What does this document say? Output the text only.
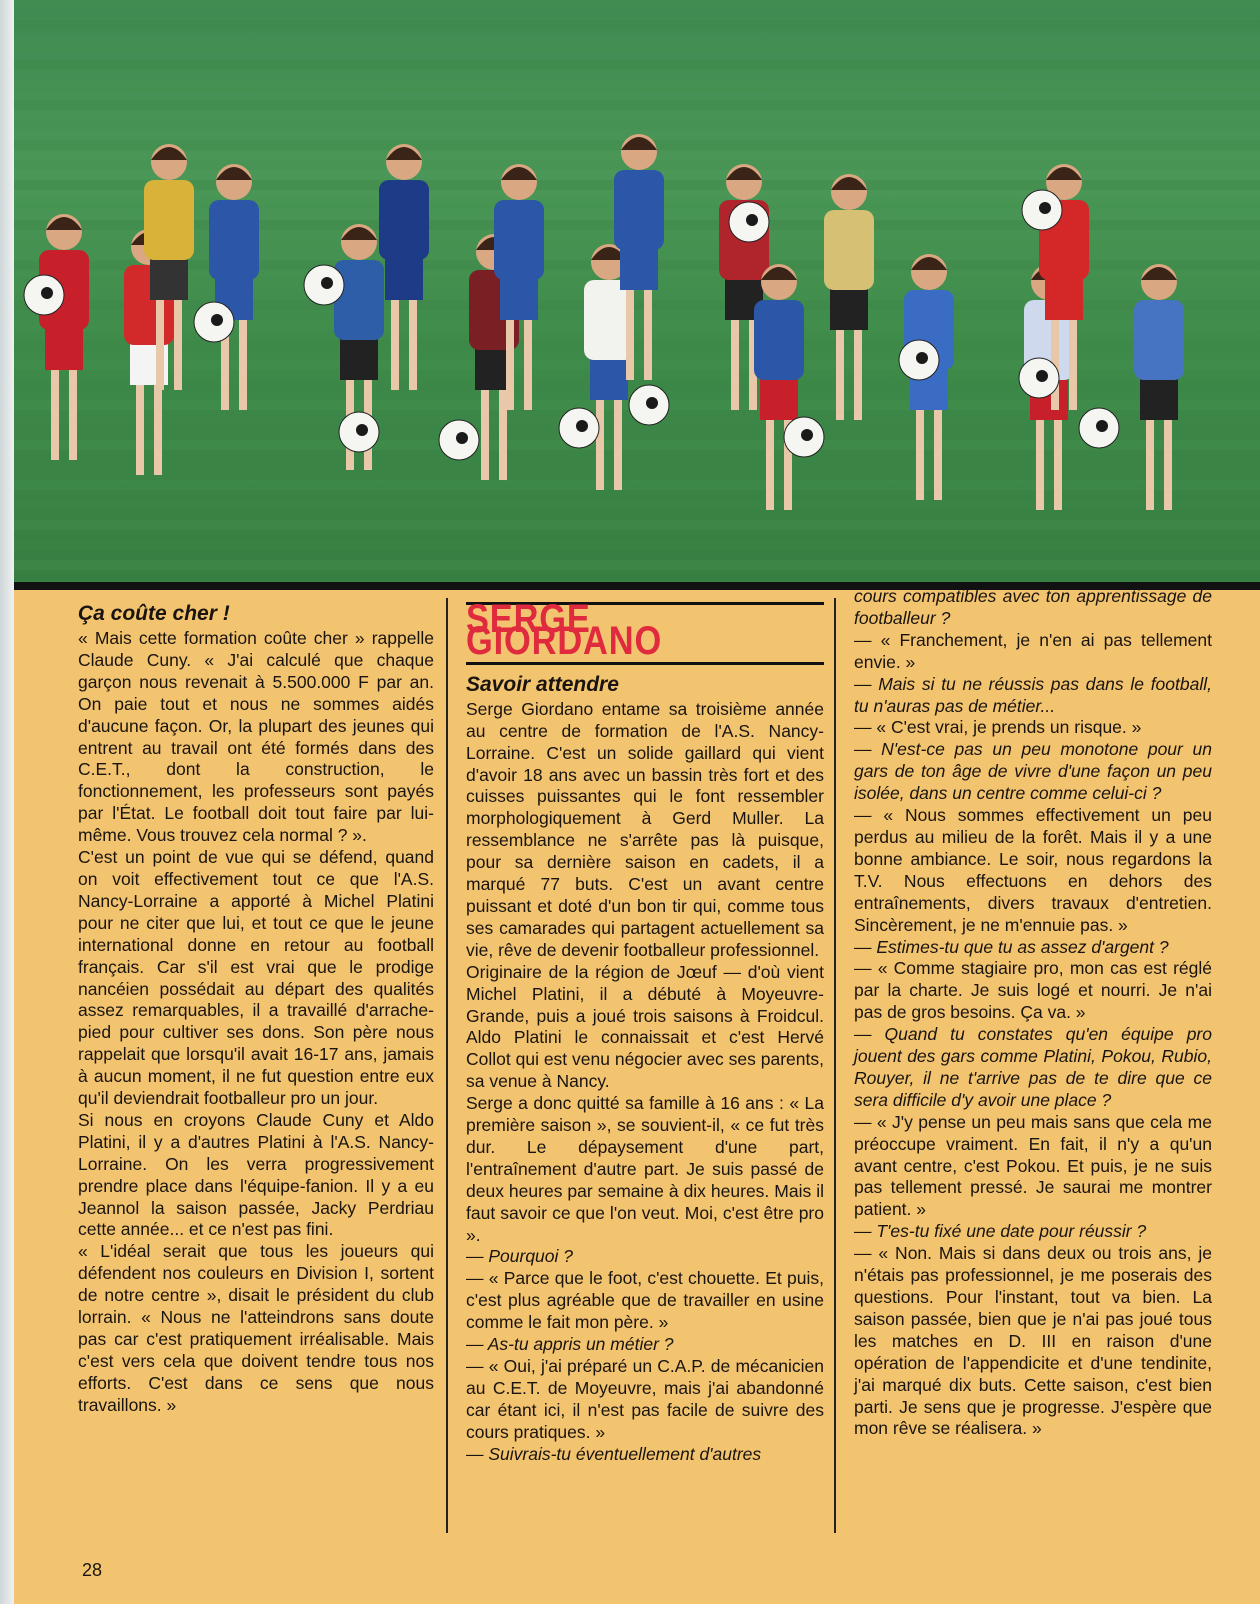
Ça coûte cher !

« Mais cette formation coûte cher » rappelle Claude Cuny. « J'ai calculé que chaque garçon nous revenait à 5.500.000 F par an. On paie tout et nous ne sommes aidés d'aucune façon. Or, la plupart des jeunes qui entrent au travail ont été formés dans des C.E.T., dont la construction, le fonctionnement, les professeurs sont payés par l'État. Le football doit tout faire par lui-même. Vous trouvez cela normal ? ».

C'est un point de vue qui se défend, quand on voit effectivement tout ce que l'A.S. Nancy-Lorraine a apporté à Michel Platini pour ne citer que lui, et tout ce que le jeune international donne en retour au football français. Car s'il est vrai que le prodige nancéien possédait au départ des qualités assez remarquables, il a travaillé d'arrache-pied pour cultiver ses dons. Son père nous rappelait que lorsqu'il avait 16-17 ans, jamais à aucun moment, il ne fut question entre eux qu'il deviendrait footballeur pro un jour.

Si nous en croyons Claude Cuny et Aldo Platini, il y a d'autres Platini à l'A.S. Nancy-Lorraine. On les verra progressivement prendre place dans l'équipe-fanion. Il y a eu Jeannol la saison passée, Jacky Perdriau cette année... et ce n'est pas fini.

« L'idéal serait que tous les joueurs qui défendent nos couleurs en Division I, sortent de notre centre », disait le président du club lorrain. « Nous ne l'atteindrons sans doute pas car c'est pratiquement irréalisable. Mais c'est vers cela que doivent tendre tous nos efforts. C'est dans ce sens que nous travaillons. »

SERGE GIORDANO

Savoir attendre

Serge Giordano entame sa troisième année au centre de formation de l'A.S. Nancy-Lorraine. C'est un solide gaillard qui vient d'avoir 18 ans avec un bassin très fort et des cuisses puissantes qui le font ressembler morphologiquement à Gerd Muller. La ressemblance ne s'arrête pas là puisque, pour sa dernière saison en cadets, il a marqué 77 buts. C'est un avant centre puissant et doté d'un bon tir qui, comme tous ses camarades qui partagent actuellement sa vie, rêve de devenir footballeur professionnel.

Originaire de la région de Jœuf — d'où vient Michel Platini, il a débuté à Moyeuvre-Grande, puis a joué trois saisons à Froidcul. Aldo Platini le connaissait et c'est Hervé Collot qui est venu négocier avec ses parents, sa venue à Nancy.

Serge a donc quitté sa famille à 16 ans : « La première saison », se souvient-il, « ce fut très dur. Le dépaysement d'une part, l'entraînement d'autre part. Je suis passé de deux heures par semaine à dix heures. Mais il faut savoir ce que l'on veut. Moi, c'est être pro ».

— Pourquoi ?

— « Parce que le foot, c'est chouette. Et puis, c'est plus agréable que de travailler en usine comme le fait mon père. »

— As-tu appris un métier ?

— « Oui, j'ai préparé un C.A.P. de mécanicien au C.E.T. de Moyeuvre, mais j'ai abandonné car étant ici, il n'est pas facile de suivre des cours pratiques. »

— Suivrais-tu éventuellement d'autres

cours compatibles avec ton apprentissage de footballeur ?

— « Franchement, je n'en ai pas tellement envie. »

— Mais si tu ne réussis pas dans le football, tu n'auras pas de métier...

— « C'est vrai, je prends un risque. »

— N'est-ce pas un peu monotone pour un gars de ton âge de vivre d'une façon un peu isolée, dans un centre comme celui-ci ?

— « Nous sommes effectivement un peu perdus au milieu de la forêt. Mais il y a une bonne ambiance. Le soir, nous regardons la T.V. Nous effectuons en dehors des entraînements, divers travaux d'entretien. Sincèrement, je ne m'ennuie pas. »

— Estimes-tu que tu as assez d'argent ?

— « Comme stagiaire pro, mon cas est réglé par la charte. Je suis logé et nourri. Je n'ai pas de gros besoins. Ça va. »

— Quand tu constates qu'en équipe pro jouent des gars comme Platini, Pokou, Rubio, Rouyer, il ne t'arrive pas de te dire que ce sera difficile d'y avoir une place ?

— « J'y pense un peu mais sans que cela me préoccupe vraiment. En fait, il n'y a qu'un avant centre, c'est Pokou. Et puis, je ne suis pas tellement pressé. Je saurai me montrer patient. »

— T'es-tu fixé une date pour réussir ?

— « Non. Mais si dans deux ou trois ans, je n'étais pas professionnel, je me poserais des questions. Pour l'instant, tout va bien. La saison passée, bien que je n'ai pas joué tous les matches en D. III en raison d'une opération de l'appendicite et d'une tendinite, j'ai marqué dix buts. Cette saison, c'est bien parti. Je sens que je progresse. J'espère que mon rêve se réalisera. »

28
